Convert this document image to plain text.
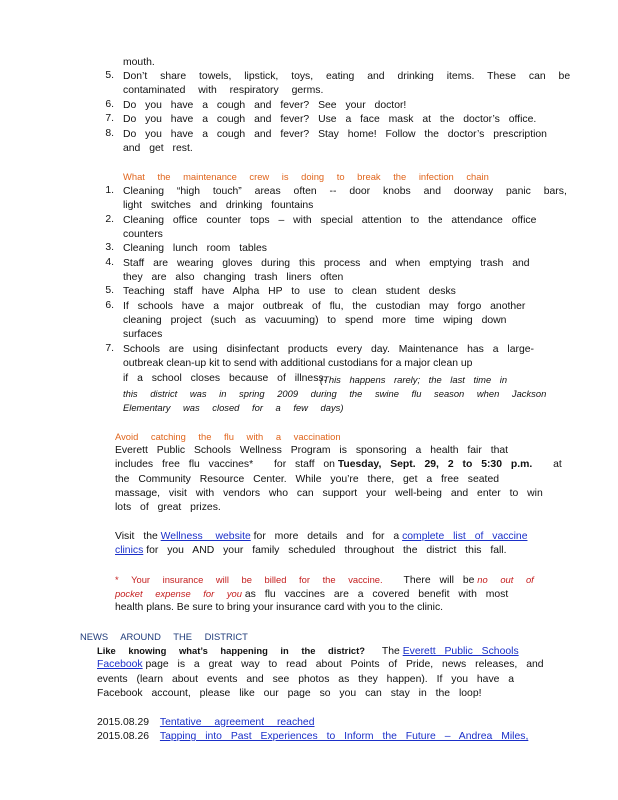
mouth.
5. Don’t share towels, lipstick, toys, eating and drinking items. These can be
contaminated with respiratory germs.
6. Do you have a cough and fever? See your doctor!
7. Do you have a cough and fever? Use a face mask at the doctor’s office.
8. Do you have a cough and fever? Stay home! Follow the doctor’s prescription
and get rest.
What the maintenance crew is doing to break the infection chain
1. Cleaning “high touch” areas often -- door knobs and doorway panic bars,
light switches and drinking fountains
2. Cleaning office counter tops – with special attention to the attendance office
counters
3. Cleaning lunch room tables
4. Staff are wearing gloves during this process and when emptying trash and
they are also changing trash liners often
5. Teaching staff have Alpha HP to use to clean student desks
6. If schools have a major outbreak of flu, the custodian may forgo another
cleaning project (such as vacuuming) to spend more time wiping down
surfaces
7. Schools are using disinfectant products every day. Maintenance has a large-
outbreak clean-up kit to send with additional custodians for a major clean up
if a school closes because of illness.
(This happens rarely; the last time in
this district was in spring 2009 during the swine flu season when Jackson
Elementary was closed for a few days)
Avoid catching the flu with a vaccination
Everett Public Schools Wellness Program is sponsoring a health fair that
includes free flu vaccines* for staff on Tuesday, Sept. 29, 2 to 5:30 p.m. at
the Community Resource Center. While you’re there, get a free seated
massage, visit with vendors who can support your well-being and enter to win
lots of great prizes.
Visit the Wellness website for more details and for a complete list of vaccine
clinics for you AND your family scheduled throughout the district this fall.
* Your insurance will be billed for the vaccine. There will be no out of
pocket expense for you as flu vaccines are a covered benefit with most
health plans. Be sure to bring your insurance card with you to the clinic.
NEWS AROUND THE DISTRICT
Like knowing what’s happening in the district? The Everett Public Schools
Facebook page is a great way to read about Points of Pride, news releases, and
events (learn about events and see photos as they happen). If you have a
Facebook account, please like our page so you can stay in the loop!
2015.08.29 Tentative agreement reached
2015.08.26 Tapping into Past Experiences to Inform the Future – Andrea Miles,
